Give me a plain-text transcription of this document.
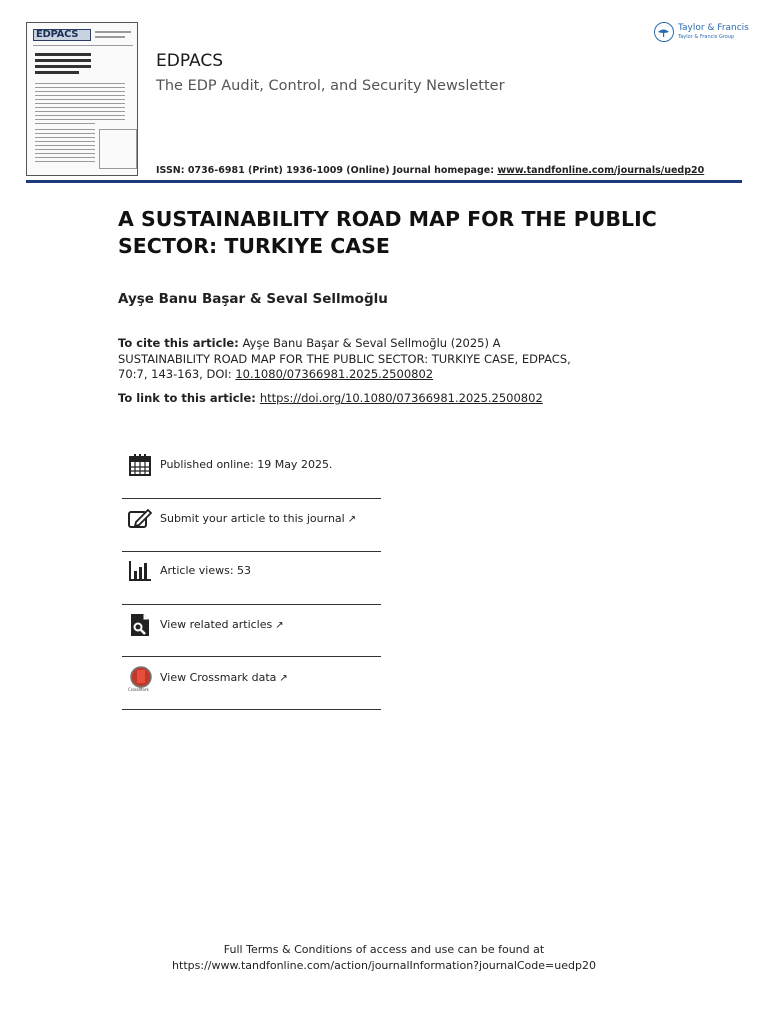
EDPACS
EDPACS
The EDP Audit, Control, and Security Newsletter
ISSN: 0736-6981 (Print) 1936-1009 (Online) Journal homepage: www.tandfonline.com/journals/uedp20
Taylor & Francis
Taylor & Francis Group
A SUSTAINABILITY ROAD MAP FOR THE PUBLIC SECTOR: TURKIYE CASE
Ayşe Banu Başar & Seval Sellmoğlu
To cite this article: Ayşe Banu Başar & Seval Sellmoğlu (2025) A SUSTAINABILITY ROAD MAP FOR THE PUBLIC SECTOR: TURKIYE CASE, EDPACS, 70:7, 143-163, DOI: 10.1080/07366981.2025.2500802
To link to this article: https://doi.org/10.1080/07366981.2025.2500802
Published online: 19 May 2025.
Submit your article to this journal ↗
Article views: 53
View related articles ↗
CrossMark
View Crossmark data ↗
Full Terms & Conditions of access and use can be found at
https://www.tandfonline.com/action/journalInformation?journalCode=uedp20
